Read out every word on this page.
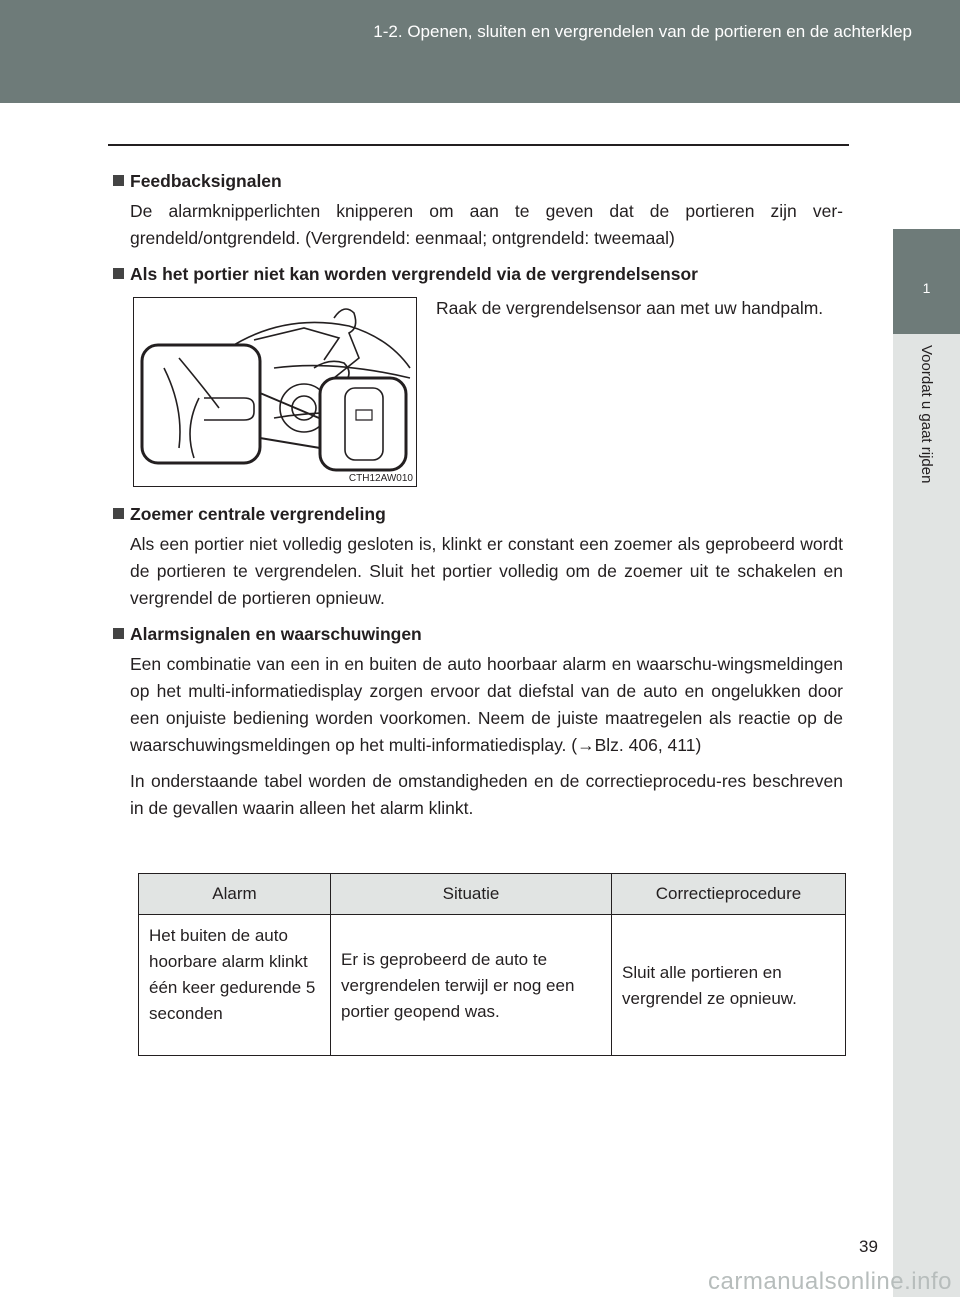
1-2. Openen, sluiten en vergrendelen van de portieren en de achterklep
1
Voordat u gaat rijden
Feedbacksignalen

De alarmknipperlichten knipperen om aan te geven dat de portieren zijn ver-grendeld/ontgrendeld. (Vergrendeld: eenmaal; ontgrendeld: tweemaal)

Als het portier niet kan worden vergrendeld via de vergrendelsensor
CTH12AW010
Raak de vergrendelsensor aan met uw handpalm.
Zoemer centrale vergrendeling

Als een portier niet volledig gesloten is, klinkt er constant een zoemer als geprobeerd wordt de portieren te vergrendelen. Sluit het portier volledig om de zoemer uit te schakelen en vergrendel de portieren opnieuw.

Alarmsignalen en waarschuwingen

Een combinatie van een in en buiten de auto hoorbaar alarm en waarschu-wingsmeldingen op het multi-informatiedisplay zorgen ervoor dat diefstal van de auto en ongelukken door een onjuiste bediening worden voorkomen. Neem de juiste maatregelen als reactie op de waarschuwingsmeldingen op het multi-informatiedisplay. (→Blz. 406, 411)

In onderstaande tabel worden de omstandigheden en de correctieprocedu-res beschreven in de gevallen waarin alleen het alarm klinkt.

Alarm	Situatie	Correctieprocedure
Het buiten de auto hoorbare alarm klinkt één keer gedurende 5 seconden	Er is geprobeerd de auto te vergrendelen terwijl er nog een portier geopend was.	Sluit alle portieren en vergrendel ze opnieuw.
39
carmanualsonline.info
